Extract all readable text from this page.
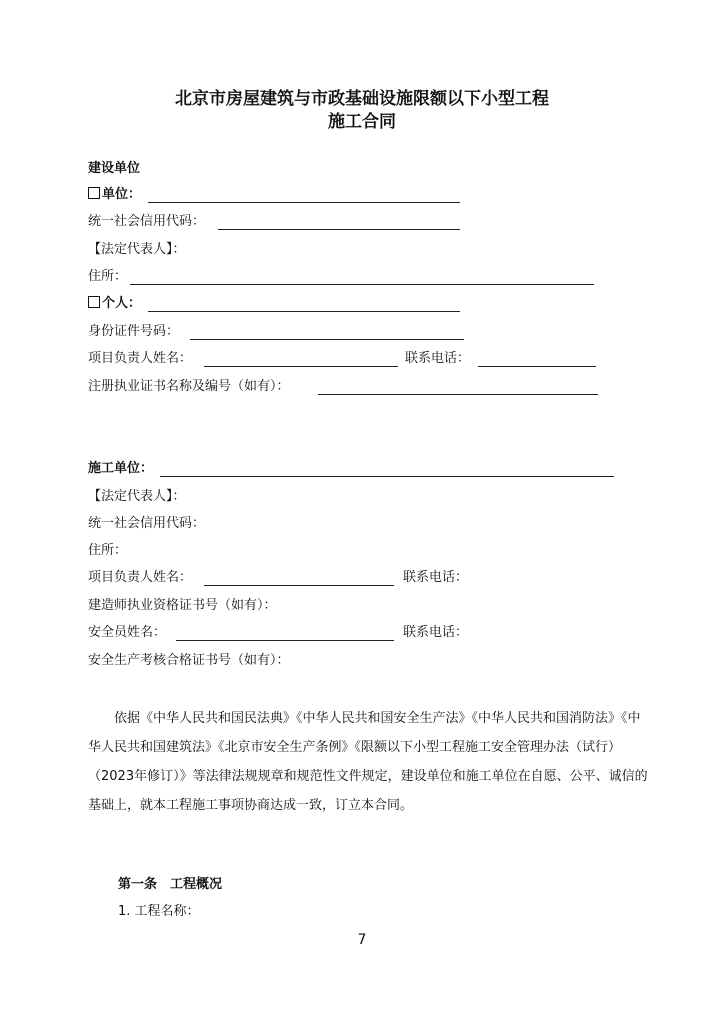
北京市房屋建筑与市政基础设施限额以下小型工程
施工合同
建设单位
单位：
统一社会信用代码：
【法定代表人】：
住所：
个人：
身份证件号码：
项目负责人姓名：	联系电话：
注册执业证书名称及编号（如有）：
施工单位：
【法定代表人】：
统一社会信用代码：
住所：
项目负责人姓名：	联系电话：
建造师执业资格证书号（如有）：
安全员姓名：	联系电话：
安全生产考核合格证书号（如有）：
依据《中华人民共和国民法典》《中华人民共和国安全生产法》《中华人民共和国消防法》《中华人民共和国建筑法》《北京市安全生产条例》《限额以下小型工程施工安全管理办法（试行）（2023年修订）》等法律法规规章和规范性文件规定，建设单位和施工单位在自愿、公平、诚信的基础上，就本工程施工事项协商达成一致，订立本合同。
第一条　工程概况
1. 工程名称：
7
